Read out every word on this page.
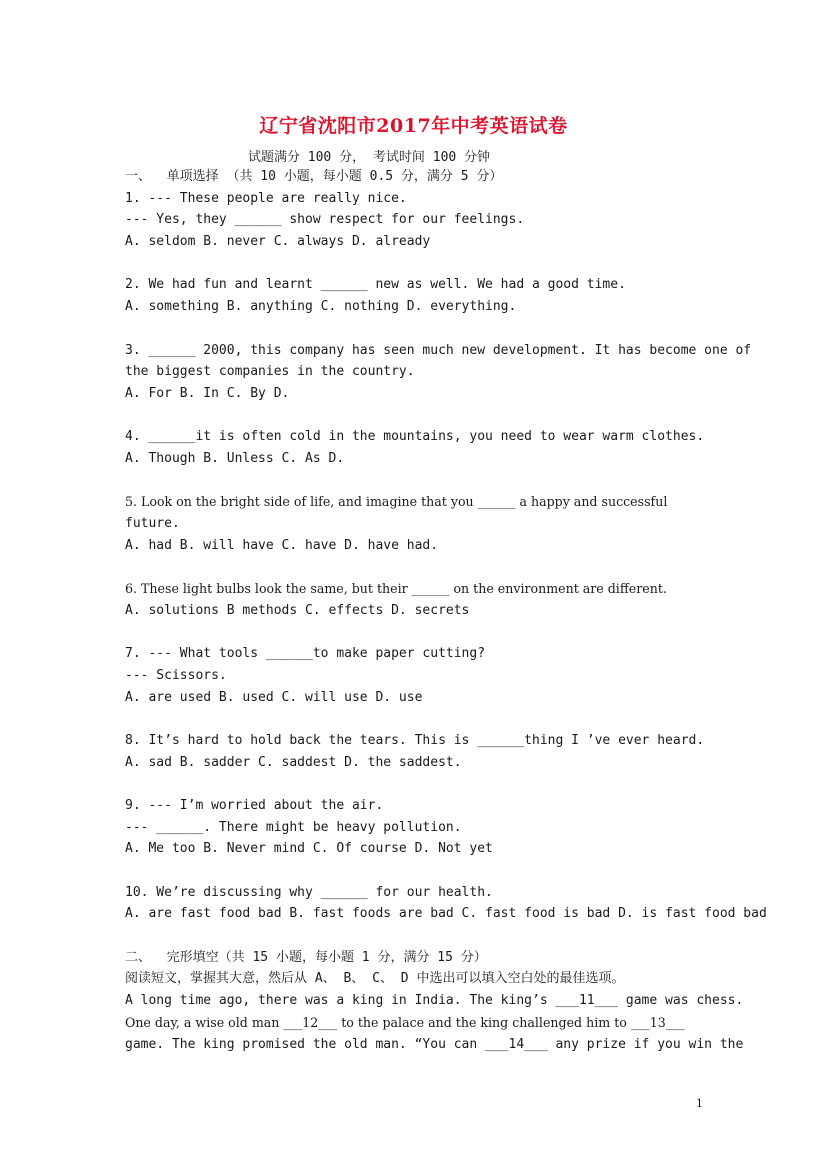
辽宁省沈阳市2017年中考英语试卷
试题满分 100 分， 考试时间 100 分钟
一、  单项选择 （共 10 小题，每小题 0.5 分，满分 5 分）
1. --- These people are really nice.
--- Yes, they ______ show respect for our feelings.
A. seldom B. never C. always D. already
2. We had fun and learnt ______ new as well. We had a good time.
A. something B. anything C. nothing D. everything.
3. ______ 2000, this company has seen much new development. It has become one of
the biggest companies in the country.
A. For B. In C. By D.
4. ______it is often cold in the mountains, you need to wear warm clothes.
A. Though B. Unless C. As D.
5. Look on the bright side of life, and imagine that you ______ a happy and successful
future.
A. had B. will have C. have D. have had.
6. These light bulbs look the same, but their ______ on the environment are different.
A. solutions B methods C. effects D. secrets
7. --- What tools ______to make paper cutting?
--- Scissors.
A. are used B. used C. will use D. use
8. It’s hard to hold back the tears. This is ______thing I ’ve ever heard.
A. sad B. sadder C. saddest D. the saddest.
9. --- I’m worried about the air.
--- ______. There might be heavy pollution.
A. Me too B. Never mind C. Of course D. Not yet
10. We’re discussing why ______ for our health.
A. are fast food bad B. fast foods are bad C. fast food is bad D. is fast food bad
二、  完形填空（共 15 小题，每小题 1 分，满分 15 分）
阅读短文，掌握其大意，然后从 A、 B、 C、 D 中选出可以填入空白处的最佳选项。
A long time ago, there was a king in India. The king’s ___11___ game was chess.
One day, a wise old man ___12___ to the palace and the king challenged him to ___13___
game. The king promised the old man. “You can ___14___ any prize if you win the
1
